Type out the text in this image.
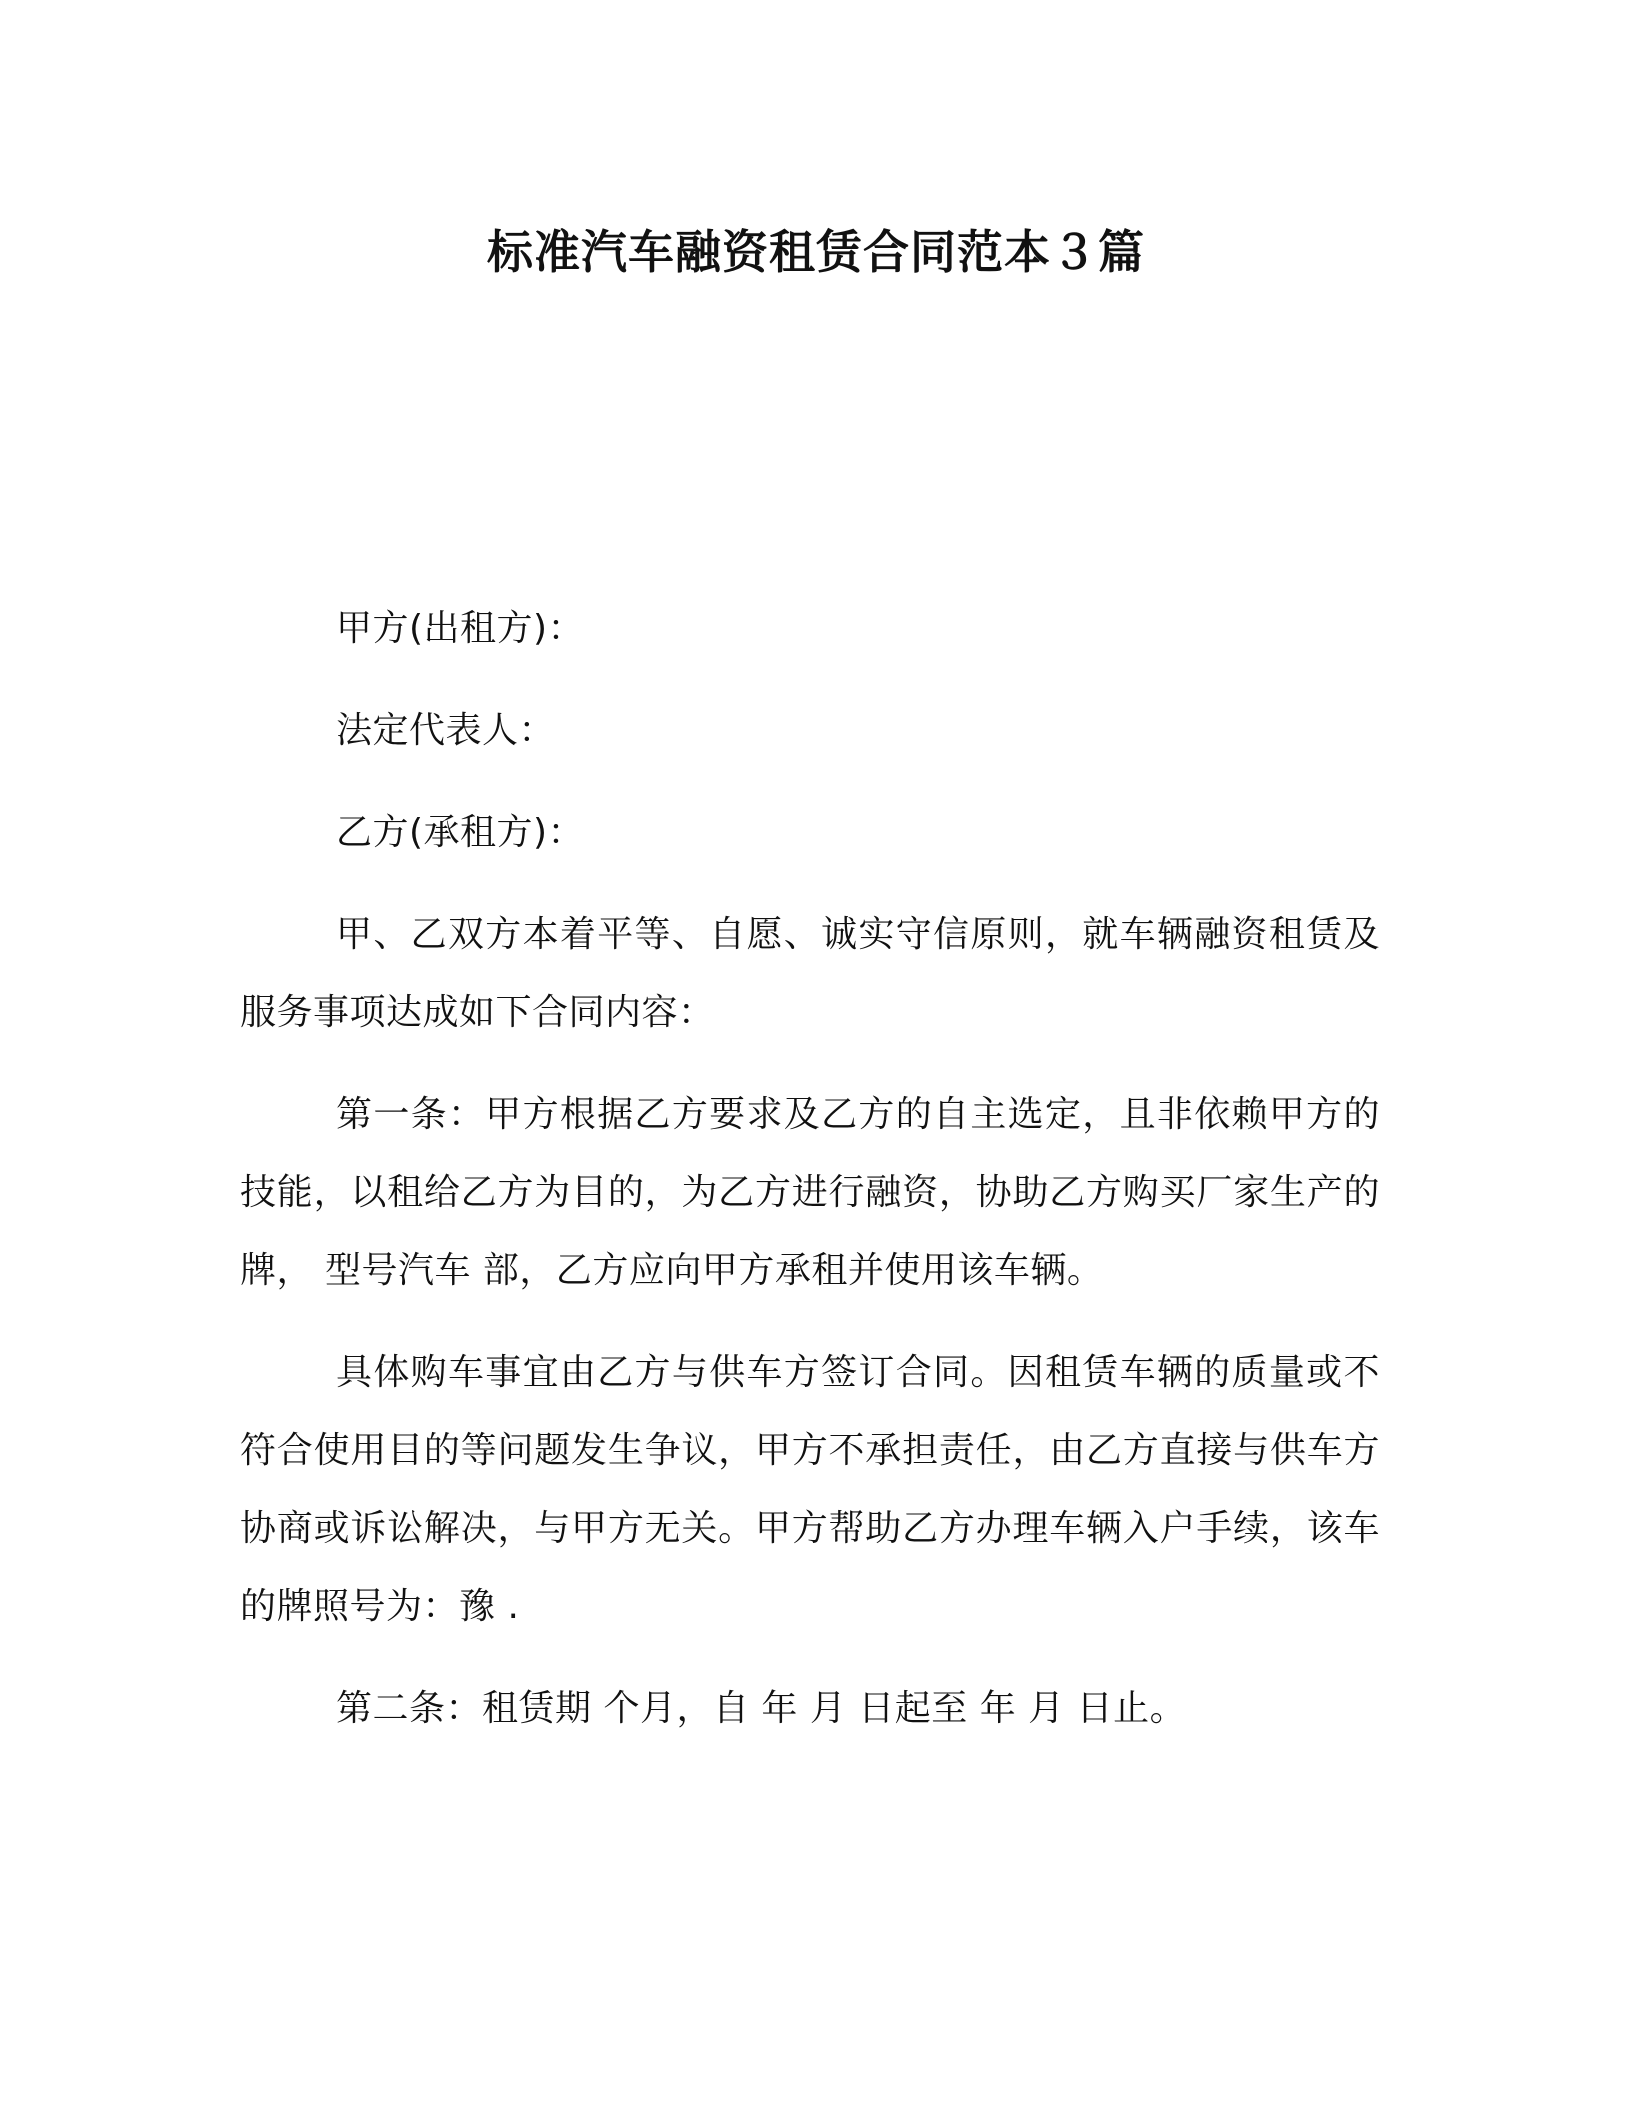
标准汽车融资租赁合同范本３篇

甲方(出租方)：

法定代表人：

乙方(承租方)：

甲、乙双方本着平等、自愿、诚实守信原则，就车辆融资租赁及服务事项达成如下合同内容：

第一条：甲方根据乙方要求及乙方的自主选定，且非依赖甲方的技能，以租给乙方为目的，为乙方进行融资，协助乙方购买厂家生产的 牌， 型号汽车 部，乙方应向甲方承租并使用该车辆。

具体购车事宜由乙方与供车方签订合同。因租赁车辆的质量或不符合使用目的等问题发生争议，甲方不承担责任，由乙方直接与供车方协商或诉讼解决，与甲方无关。甲方帮助乙方办理车辆入户手续，该车的牌照号为：豫 .

第二条：租赁期 个月，自 年 月 日起至 年 月 日止。
